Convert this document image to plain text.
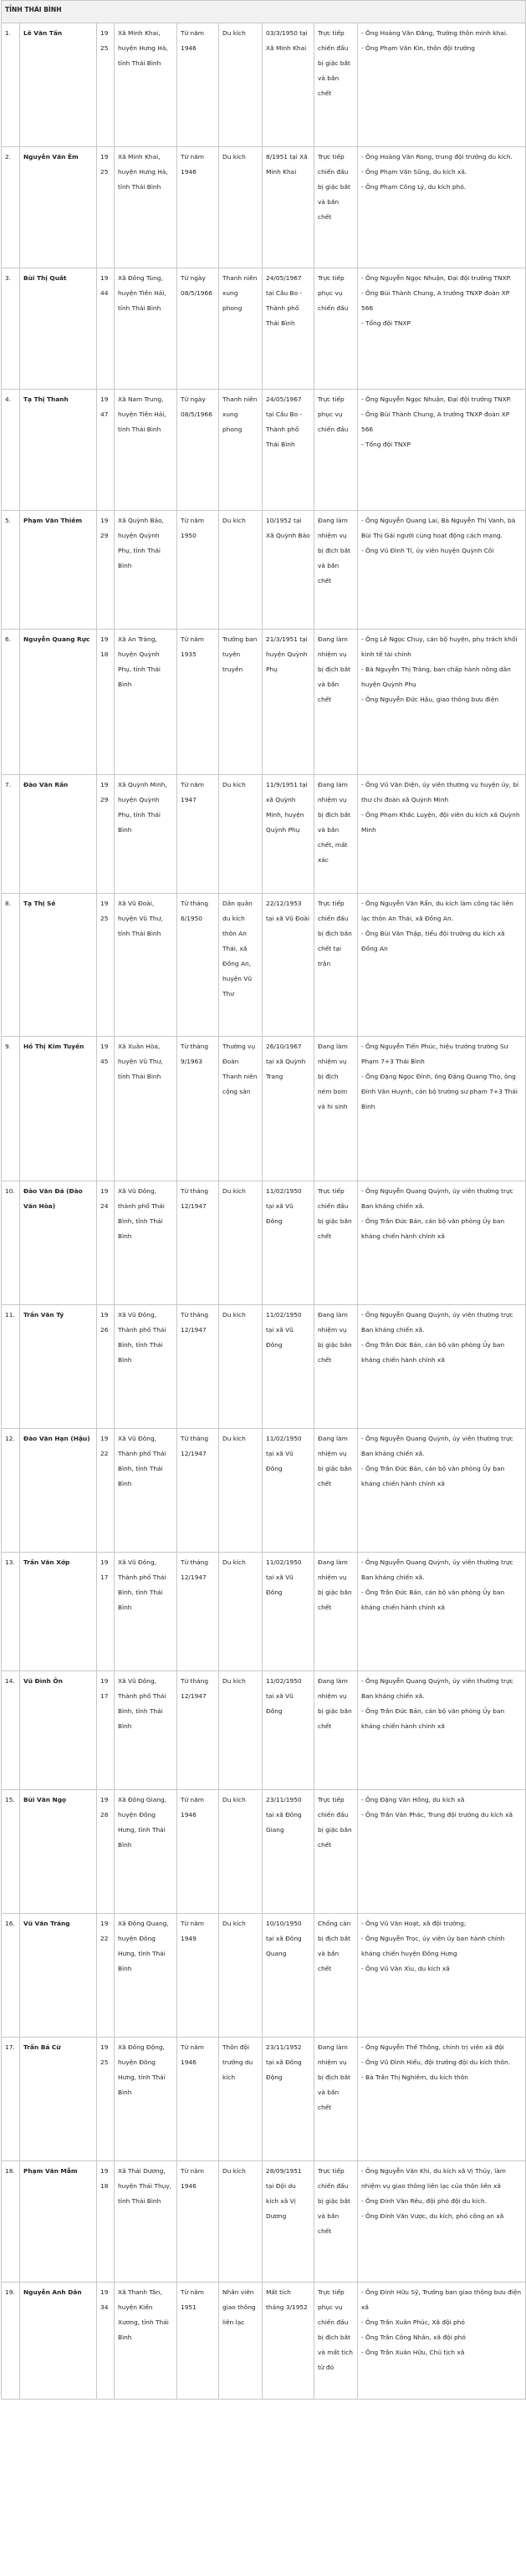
TỈNH THÁI BÌNH								
1.	Lê Văn Tấn	1925	Xã Minh Khai, huyện Hưng Hà, tỉnh Thái Bình	Từ năm 1946	Du kích	03/3/1950 tại Xã Minh Khai	Trực tiếp chiến đấu bị giặc bắt và bắn chết	- Ông Hoàng Văn Đằng, Trưởng thôn minh khai.
- Ông Phạm Văn Kìn, thôn đội trưởng

2.	Nguyễn Văn Êm	1925	Xã Minh Khai, huyện Hưng Hà, tỉnh Thái Bình	Từ năm 1946	Du kích	8/1951 tại Xã Minh Khai	Trực tiếp chiến đấu bị giặc bắt và bắn chết	- Ông Hoàng Văn Rong, trung đội trưởng du kích.
- Ông Phạm Văn Sũng, du kích xã.
- Ông Phạm Công Lý, du kích phó.

3.	Bùi Thị Quất	1944	Xã Đông Tùng, huyện Tiền Hải, tỉnh Thái Bình	Từ ngày 08/5/1966	Thanh niên xung phong	24/05/1967 tại Cầu Bo - Thành phố Thái Bình	Trực tiếp phục vụ chiến đấu	- Ông Nguyễn Ngọc Nhuận, Đại đội trưởng TNXP.
- Ông Bùi Thành Chung, A trưởng TNXP đoàn XP 566
- Tổng đội TNXP

4.	Tạ Thị Thanh	1947	Xã Nam Trung, huyện Tiền Hải, tỉnh Thái Bình	Từ ngày 08/5/1966	Thanh niên xung phong	24/05/1967 tại Cầu Bo - Thành phố Thái Bình	Trực tiếp phục vụ chiến đấu	- Ông Nguyễn Ngọc Nhuận, Đại đội trưởng TNXP.
- Ông Bùi Thành Chung, A trưởng TNXP đoàn XP 566
- Tổng đội TNXP

5.	Phạm Văn Thiêm	1929	Xã Quỳnh Bảo, huyện Quỳnh Phụ, tỉnh Thái Bình	Từ năm 1950	Du kích	10/1952 tại Xã Quỳnh Bảo	Đang làm nhiệm vụ bị địch bắt và bắn chết	- Ông Nguyễn Quang Lai, Bà Nguyễn Thị Vanh, bà Bùi Thị Gái người cùng hoạt động cách mạng.
- Ông Vũ Đình Tí, ủy viên huyện Quỳnh Côi

6.	Nguyễn Quang Rực	1918	Xã An Tràng, huyện Quỳnh Phụ, tỉnh Thái Bình	Từ năm 1935	Trưởng ban tuyên truyền	21/3/1951 tại huyện Quỳnh Phụ	Đang làm nhiệm vụ bị địch bắt và bắn chết	- Ông Lê Ngọc Chuy, cán bộ huyện, phụ trách khối kinh tế tài chính
- Bà Nguyễn Thị Tràng, ban chấp hành nông dân huyện Quỳnh Phụ
- Ông Nguyễn Đức Hậu, giao thông bưu điện

7.	Đào Văn Rần	1929	Xã Quỳnh Minh, huyện Quỳnh Phụ, tỉnh Thái Bình	Từ năm 1947	Du kích	11/9/1951 tại xã Quỳnh Minh, huyện Quỳnh Phụ	Đang làm nhiệm vụ bị địch bắt và bắn chết, mất xác	- Ông Vũ Văn Diện, ủy viên thường vụ huyện ủy, bí thư chi đoàn xã Quỳnh Minh
- Ông Phạm Khắc Luyện, đội viên du kích xã Quỳnh Minh

8.	Tạ Thị Sẻ	1925	Xã Vũ Đoài, huyện Vũ Thư, tỉnh Thái Bình	Từ tháng 6/1950	Dân quân du kích thôn An Thái, xã Đồng An, huyện Vũ Thư	22/12/1953 tại xã Vũ Đoài	Trực tiếp chiến đấu bị địch bắn chết tại trận	- Ông Nguyễn Văn Rẩn, du kích làm công tác liên lạc thôn An Thái, xã Đồng An.
- Ông Bùi Văn Thập, tiểu đội trưởng du kích xã Đồng An

9.	Hồ Thị Kim Tuyến	1945	Xã Xuân Hòa, huyện Vũ Thư, tỉnh Thái Bình	Từ tháng 9/1963	Thường vụ Đoàn Thanh niên cộng sản	26/10/1967 tại xã Quỳnh Trang	Đang làm nhiệm vụ bị địch ném bom và hi sinh	- Ông Nguyễn Tiến Phúc, hiệu trưởng trường Sư Phạm 7+3 Thái Bình
- Ông Đặng Ngọc Đỉnh, ông Đặng Quang Thọ, ông Đinh Văn Huynh, cán bộ trường sư phạm 7+3 Thái Bình

10.	Đào Văn Đá (Đào Văn Hòa)	1924	Xã Vũ Đông, thành phố Thái Bình, tỉnh Thái Bình	Từ tháng 12/1947	Du kích	11/02/1950 tại xã Vũ Đông	Trực tiếp chiến đấu bị giặc bắn chết	- Ông Nguyễn Quang Quỳnh, ủy viên thường trực Ban kháng chiến xã.
- Ông Trần Đức Bản, cán bộ văn phòng Ủy ban kháng chiến hành chính xã

11.	Trần Văn Tý	1926	Xã Vũ Đông, Thành phố Thái Bình, tỉnh Thái Bình	Từ tháng 12/1947	Du kích	11/02/1950 tại xã Vũ Đông	Đang làm nhiệm vụ bị giặc bắn chết	- Ông Nguyễn Quang Quỳnh, ủy viên thường trực Ban kháng chiến xã.
- Ông Trần Đức Bản, cán bộ văn phòng Ủy ban kháng chiến hành chính xã

12.	Đào Văn Hạn (Hậu)	1922	Xã Vũ Đông, Thành phố Thái Bình, tỉnh Thái Bình	Từ tháng 12/1947	Du kích	11/02/1950 tại xã Vũ Đông	Đang làm nhiệm vụ bị giặc bắn chết	- Ông Nguyễn Quang Quỳnh, ủy viên thường trực Ban kháng chiến xã.
- Ông Trần Đức Bản, cán bộ văn phòng Ủy ban kháng chiến hành chính xã

13.	Trần Văn Xớp	1917	Xã Vũ Đông, Thành phố Thái Bình, tỉnh Thái Bình	Từ tháng 12/1947	Du kích	11/02/1950 tại xã Vũ Đông	Đang làm nhiệm vụ bị giặc bắn chết	- Ông Nguyễn Quang Quỳnh, ủy viên thường trực Ban kháng chiến xã.
- Ông Trần Đức Bản, cán bộ văn phòng Ủy ban kháng chiến hành chính xã

14.	Vũ Đình Ôn	1917	Xã Vũ Đông, Thành phố Thái Bình, tỉnh Thái Bình	Từ tháng 12/1947	Du kích	11/02/1950 tại xã Vũ Đông	Đang làm nhiệm vụ bị giặc bắn chết	- Ông Nguyễn Quang Quỳnh, ủy viên thường trực Ban kháng chiến xã.
- Ông Trần Đức Bản, cán bộ văn phòng Ủy ban kháng chiến hành chính xã

15.	Bùi Văn Ngọ	1928	Xã Đông Giang, huyện Đông Hưng, tỉnh Thái Bình	Từ năm 1946	Du kích	23/11/1950 tại xã Đông Giang	Trực tiếp chiến đấu bị giặc bắn chết	- Ông Đặng Văn Hồng, du kích xã
- Ông Trần Văn Phác, Trung đội trưởng du kích xã

16.	Vũ Văn Tráng	1922	Xã Đông Quang, huyện Đông Hưng, tỉnh Thái Bình	Từ năm 1949	Du kích	10/10/1950 tại xã Đông Quang	Chống càn bị địch bắt và bắn chết	- Ông Vũ Văn Hoạt, xã đội trưởng;
- Ông Nguyễn Trọc, ủy viên ủy ban hành chính kháng chiến huyện Đông Hưng
- Ông Vũ Văn Xìu, du kích xã

17.	Trần Bá Cừ	1925	Xã Đông Động, huyện Đông Hưng, tỉnh Thái Bình	Từ năm 1946	Thôn đội trưởng du kích	23/11/1952 tại xã Đông Động	Đang làm nhiệm vụ bị địch bắt và bắn chết	- Ông Nguyễn Thế Thông, chính trị viên xã đội
- Ông Vũ Đình Hiếu, đội trưởng đội du kích thôn.
- Bà Trần Thị Nghiêm, du kích thôn

18.	Phạm Văn Mẫm	1918	Xã Thái Dương, huyện Thái Thụy, tỉnh Thái Bình	Từ năm 1946	Du kích	28/09/1951 tại Đội du kích xã Vị Dương	Trực tiếp chiến đấu bị giặc bắt và bắn chết	- Ông Nguyễn Văn Khi, du kích xã Vị Thủy, làm nhiệm vụ giao thông liên lạc của thôn liên xã
- Ông Đinh Văn Rêu, đội phó đội du kích.
- Ông Đinh Văn Vược, du kích, phó công an xã

19.	Nguyễn Anh Dân	1934	Xã Thanh Tân, huyện Kiến Xương, tỉnh Thái Bình	Từ năm 1951	Nhân viên giao thông liên lạc	Mất tích tháng 3/1952	Trực tiếp phục vụ chiến đấu bị địch bắt và mất tích từ đó	- Ông Đinh Hữu Sỹ, Trưởng ban giao thông bưu điện xã
- Ông Trần Xuân Phúc, Xã đội phó
- Ông Trần Công Nhân, xã đội phó
- Ông Trần Xuân Hữu, Chủ tịch xã
